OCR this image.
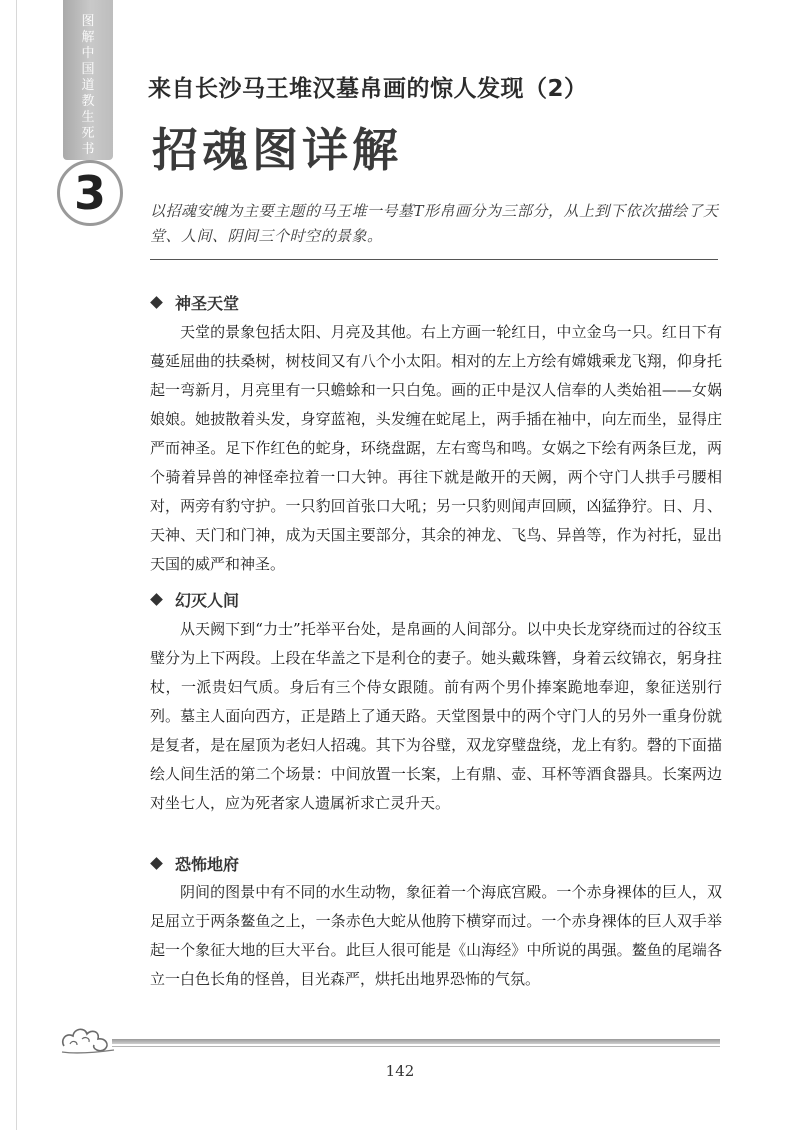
图解中国道教生死书
3
来自长沙马王堆汉墓帛画的惊人发现（2）
招魂图详解
以招魂安魄为主要主题的马王堆一号墓T形帛画分为三部分，从上到下依次描绘了天堂、人间、阴间三个时空的景象。
神圣天堂

天堂的景象包括太阳、月亮及其他。右上方画一轮红日，中立金乌一只。红日下有蔓延屈曲的扶桑树，树枝间又有八个小太阳。相对的左上方绘有嫦娥乘龙飞翔，仰身托起一弯新月，月亮里有一只蟾蜍和一只白兔。画的正中是汉人信奉的人类始祖——女娲娘娘。她披散着头发，身穿蓝袍，头发缠在蛇尾上，两手插在袖中，向左而坐，显得庄严而神圣。足下作红色的蛇身，环绕盘踞，左右鸾鸟和鸣。女娲之下绘有两条巨龙，两个骑着异兽的神怪牵拉着一口大钟。再往下就是敞开的天阙，两个守门人拱手弓腰相对，两旁有豹守护。一只豹回首张口大吼；另一只豹则闻声回顾，凶猛狰狞。日、月、天神、天门和门神，成为天国主要部分，其余的神龙、飞鸟、异兽等，作为衬托，显出天国的威严和神圣。

幻灭人间

从天阙下到“力士”托举平台处，是帛画的人间部分。以中央长龙穿绕而过的谷纹玉璧分为上下两段。上段在华盖之下是利仓的妻子。她头戴珠簪，身着云纹锦衣，躬身拄杖，一派贵妇气质。身后有三个侍女跟随。前有两个男仆捧案跪地奉迎，象征送别行列。墓主人面向西方，正是踏上了通天路。天堂图景中的两个守门人的另外一重身份就是复者，是在屋顶为老妇人招魂。其下为谷璧，双龙穿璧盘绕，龙上有豹。磬的下面描绘人间生活的第二个场景：中间放置一长案，上有鼎、壶、耳杯等酒食器具。长案两边对坐七人，应为死者家人遗属祈求亡灵升天。

恐怖地府

阴间的图景中有不同的水生动物，象征着一个海底宫殿。一个赤身裸体的巨人，双足屈立于两条鳌鱼之上，一条赤色大蛇从他胯下横穿而过。一个赤身裸体的巨人双手举起一个象征大地的巨大平台。此巨人很可能是《山海经》中所说的禺强。鳌鱼的尾端各立一白色长角的怪兽，目光森严，烘托出地界恐怖的气氛。

142
